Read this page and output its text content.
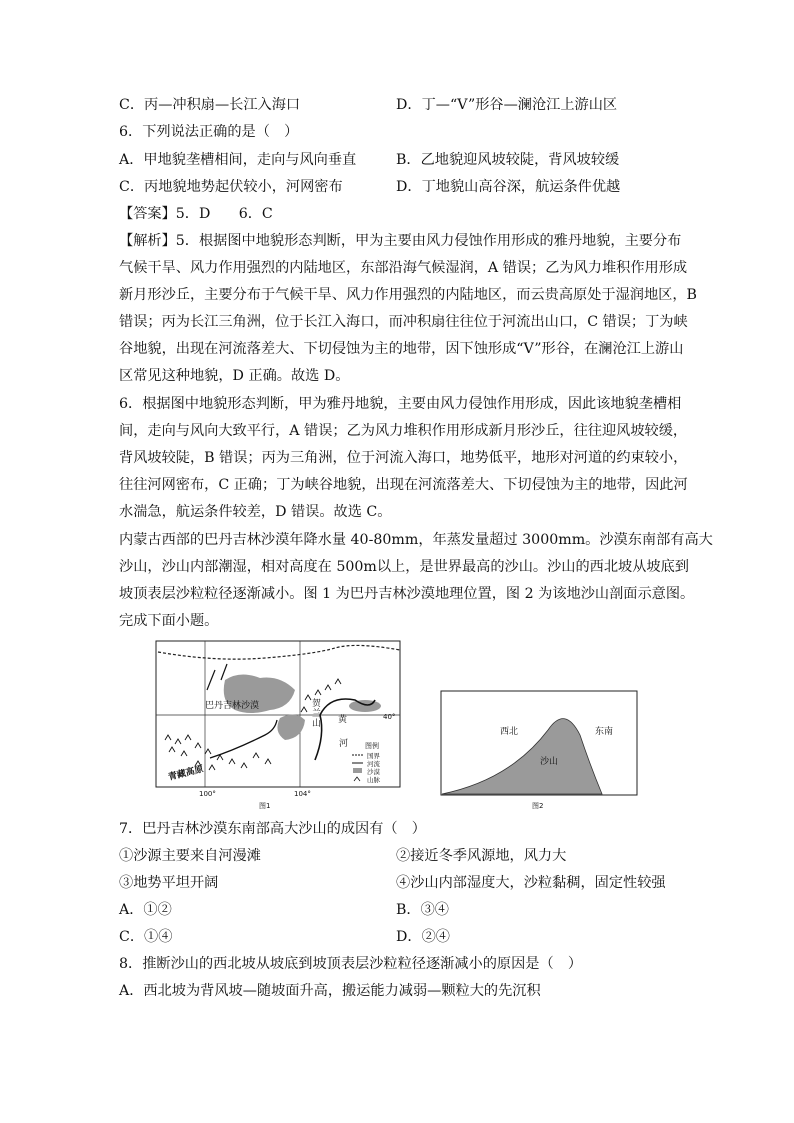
C．丙—冲积扇—长江入海口	D．丁—“V”形谷—澜沧江上游山区
6．下列说法正确的是（　）
A．甲地貌垄槽相间，走向与风向垂直	B．乙地貌迎风坡较陡，背风坡较缓
C．丙地貌地势起伏较小，河网密布	D．丁地貌山高谷深，航运条件优越
【答案】5．D　　6．C
【解析】5．根据图中地貌形态判断，甲为主要由风力侵蚀作用形成的雅丹地貌，主要分布
气候干旱、风力作用强烈的内陆地区，东部沿海气候湿润，A 错误；乙为风力堆积作用形成
新月形沙丘，主要分布于气候干旱、风力作用强烈的内陆地区，而云贵高原处于湿润地区，B
错误；丙为长江三角洲，位于长江入海口，而冲积扇往往位于河流出山口，C 错误；丁为峡
谷地貌，出现在河流落差大、下切侵蚀为主的地带，因下蚀形成“V”形谷，在澜沧江上游山
区常见这种地貌，D 正确。故选 D。
6．根据图中地貌形态判断，甲为雅丹地貌，主要由风力侵蚀作用形成，因此该地貌垄槽相
间，走向与风向大致平行，A 错误；乙为风力堆积作用形成新月形沙丘，往往迎风坡较缓，
背风坡较陡，B 错误；丙为三角洲，位于河流入海口，地势低平，地形对河道的约束较小，
往往河网密布，C 正确；丁为峡谷地貌，出现在河流落差大、下切侵蚀为主的地带，因此河
水湍急，航运条件较差，D 错误。故选 C。
内蒙古西部的巴丹吉林沙漠年降水量 40-80mm，年蒸发量超过 3000mm。沙漠东南部有高大
沙山，沙山内部潮湿，相对高度在 500m以上，是世界最高的沙山。沙山的西北坡从坡底到
坡顶表层沙粒粒径逐渐减小。图 1 为巴丹吉林沙漠地理位置，图 2 为该地沙山剖面示意图。
完成下面小题。
巴丹吉林沙漠	贺
兰
山 黄
河
40°
青藏高原
100°	104°
图例
国界
河流
沙漠
山脉
图1
西北	东南
沙山
图2
7．巴丹吉林沙漠东南部高大沙山的成因有（　）
①沙源主要来自河漫滩	②接近冬季风源地，风力大
③地势平坦开阔	④沙山内部湿度大，沙粒黏稠，固定性较强
A．①②	B．③④
C．①④	D．②④
8．推断沙山的西北坡从坡底到坡顶表层沙粒粒径逐渐减小的原因是（　）
A．西北坡为背风坡—随坡面升高，搬运能力减弱—颗粒大的先沉积
